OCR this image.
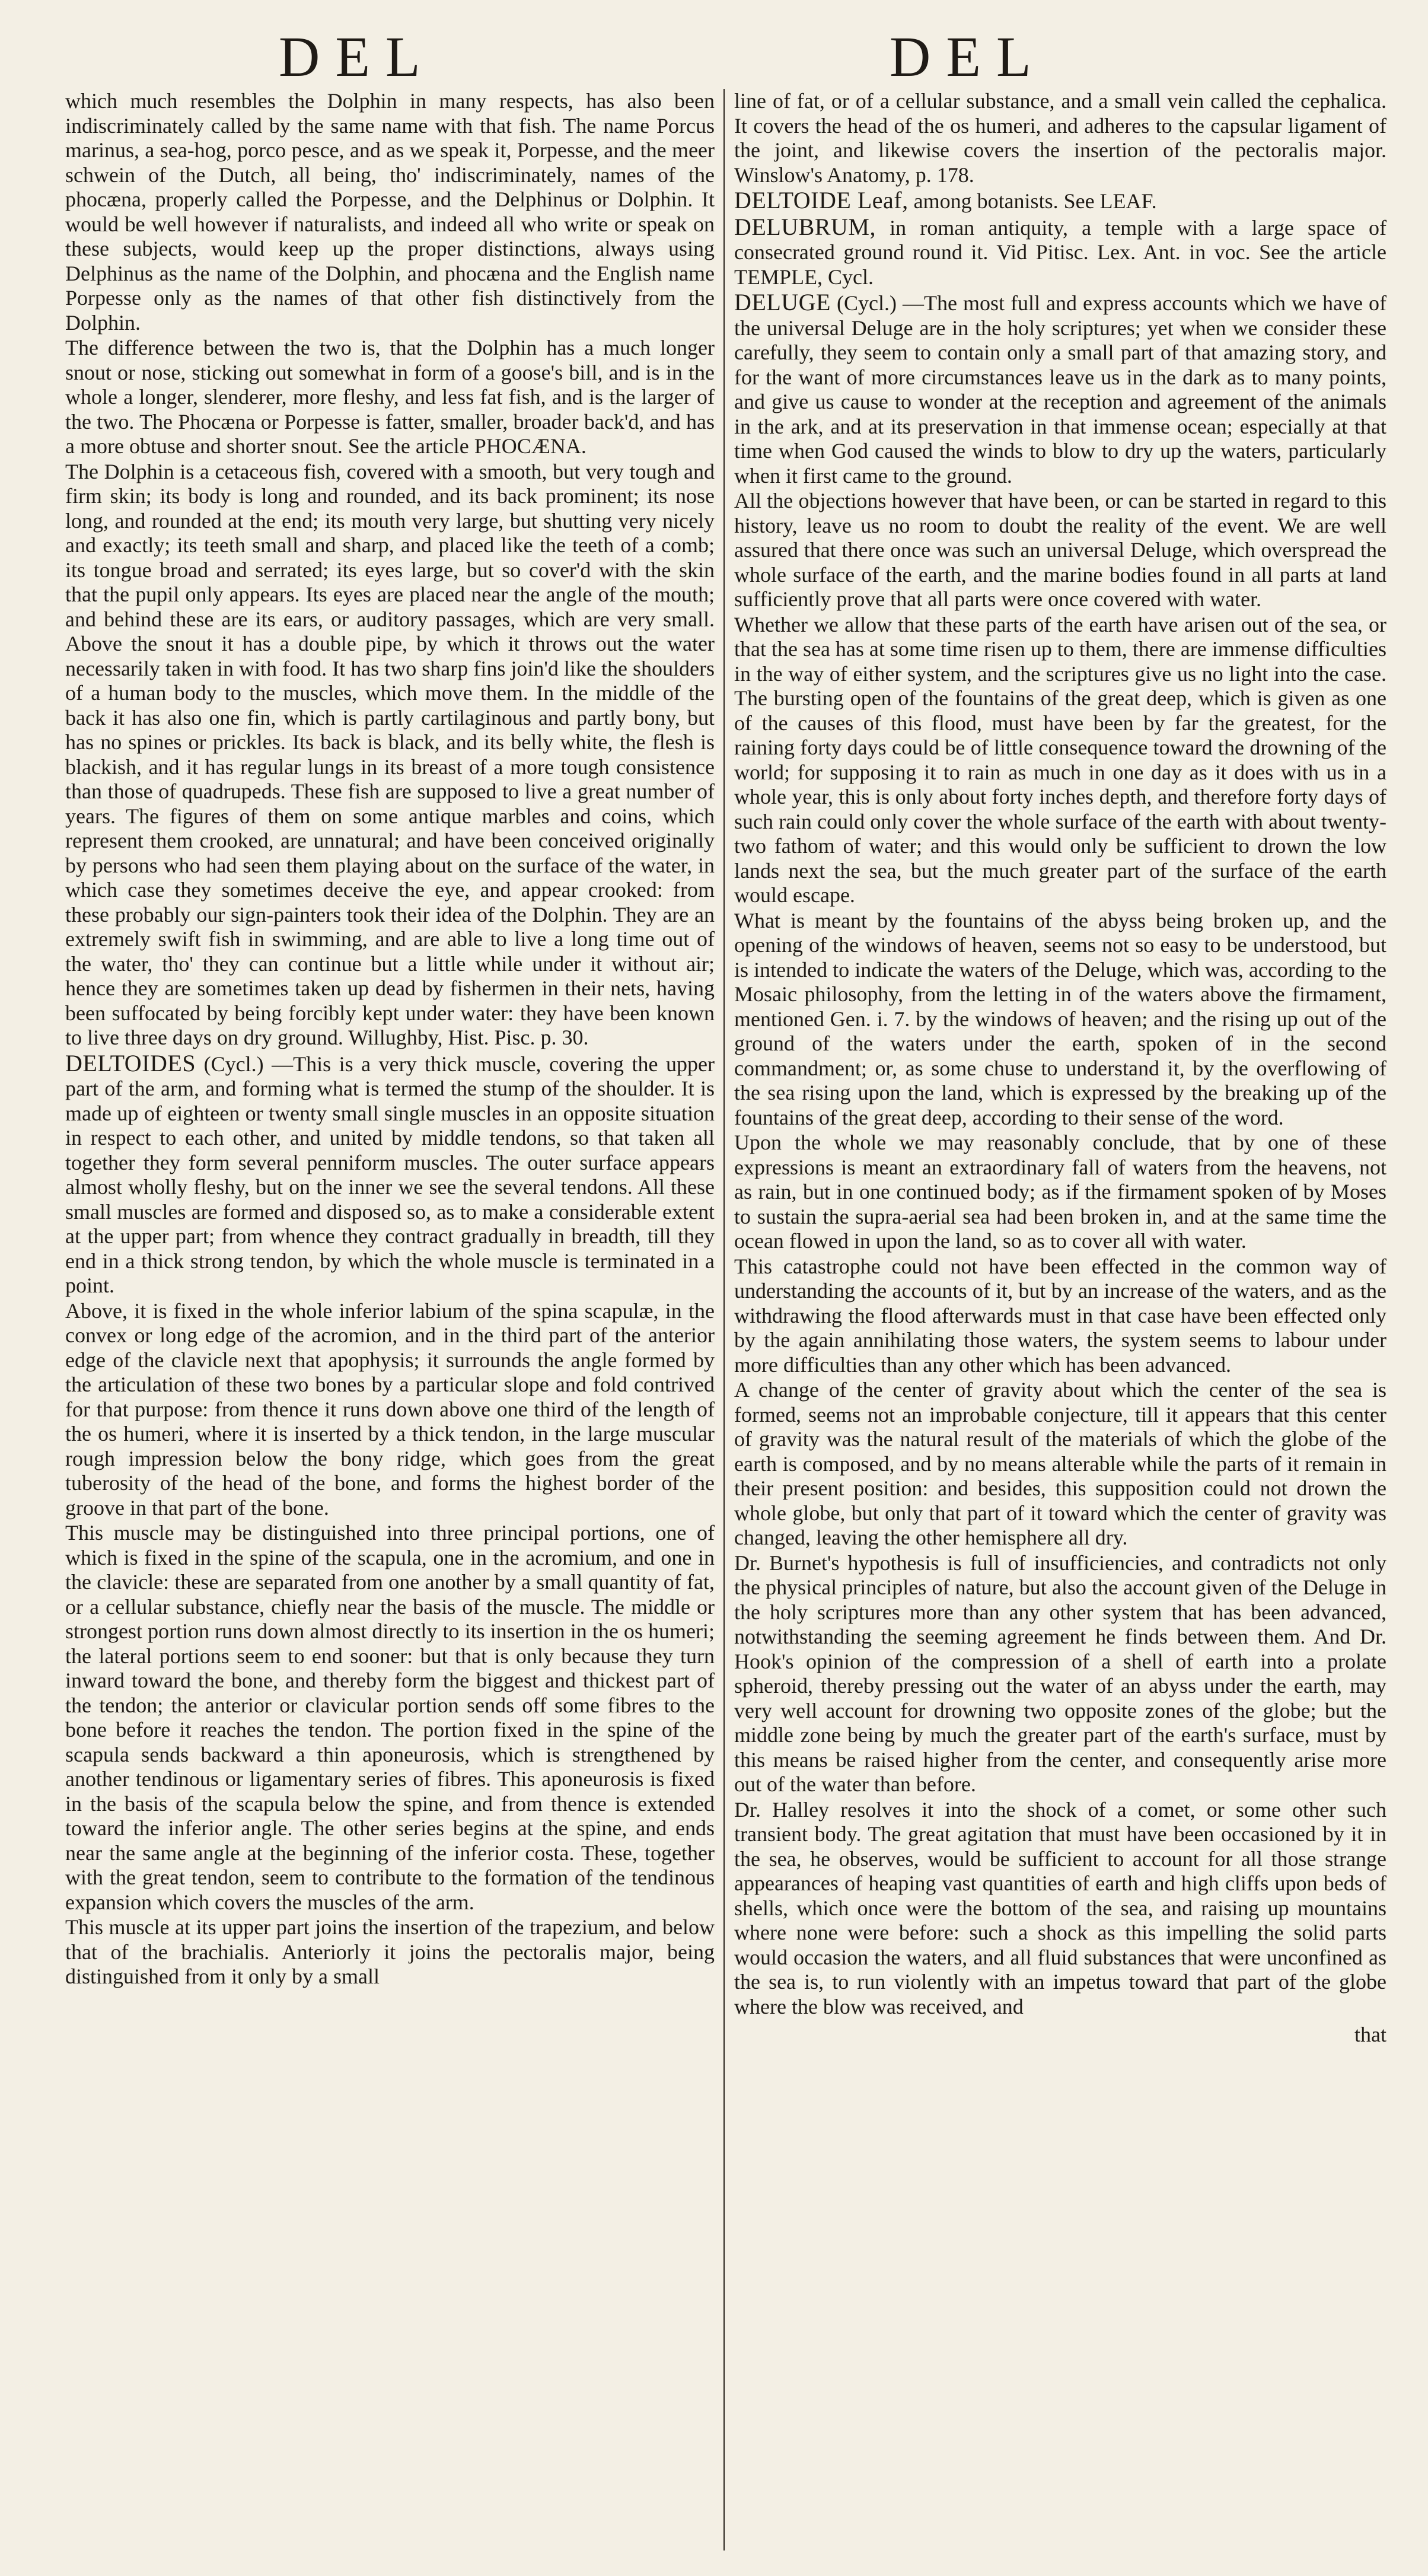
DEL	DEL

which much resembles the Dolphin in many respects, has also been indiscriminately called by the same name with that fish. The name Porcus marinus, a sea-hog, porco pesce, and as we speak it, Porpesse, and the meer schwein of the Dutch, all being, tho' indiscriminately, names of the phocæna, properly called the Porpesse, and the Delphinus or Dolphin. It would be well however if naturalists, and indeed all who write or speak on these subjects, would keep up the proper distinctions, always using Delphinus as the name of the Dolphin, and phocæna and the English name Porpesse only as the names of that other fish distinctively from the Dolphin.

The difference between the two is, that the Dolphin has a much longer snout or nose, sticking out somewhat in form of a goose's bill, and is in the whole a longer, slenderer, more fleshy, and less fat fish, and is the larger of the two. The Phocæna or Porpesse is fatter, smaller, broader back'd, and has a more obtuse and shorter snout. See the article PHOCÆNA.

The Dolphin is a cetaceous fish, covered with a smooth, but very tough and firm skin; its body is long and rounded, and its back prominent; its nose long, and rounded at the end; its mouth very large, but shutting very nicely and exactly; its teeth small and sharp, and placed like the teeth of a comb; its tongue broad and serrated; its eyes large, but so cover'd with the skin that the pupil only appears. Its eyes are placed near the angle of the mouth; and behind these are its ears, or auditory passages, which are very small. Above the snout it has a double pipe, by which it throws out the water necessarily taken in with food. It has two sharp fins join'd like the shoulders of a human body to the muscles, which move them. In the middle of the back it has also one fin, which is partly cartilaginous and partly bony, but has no spines or prickles. Its back is black, and its belly white, the flesh is blackish, and it has regular lungs in its breast of a more tough consistence than those of quadrupeds. These fish are supposed to live a great number of years. The figures of them on some antique marbles and coins, which represent them crooked, are unnatural; and have been conceived originally by persons who had seen them playing about on the surface of the water, in which case they sometimes deceive the eye, and appear crooked: from these probably our sign-painters took their idea of the Dolphin. They are an extremely swift fish in swimming, and are able to live a long time out of the water, tho' they can continue but a little while under it without air; hence they are sometimes taken up dead by fishermen in their nets, having been suffocated by being forcibly kept under water: they have been known to live three days on dry ground. Willughby, Hist. Pisc. p. 30.

DELTOIDES (Cycl.) —This is a very thick muscle, covering the upper part of the arm, and forming what is termed the stump of the shoulder. It is made up of eighteen or twenty small single muscles in an opposite situation in respect to each other, and united by middle tendons, so that taken all together they form several penniform muscles. The outer surface appears almost wholly fleshy, but on the inner we see the several tendons. All these small muscles are formed and disposed so, as to make a considerable extent at the upper part; from whence they contract gradually in breadth, till they end in a thick strong tendon, by which the whole muscle is terminated in a point.

Above, it is fixed in the whole inferior labium of the spina scapulæ, in the convex or long edge of the acromion, and in the third part of the anterior edge of the clavicle next that apophysis; it surrounds the angle formed by the articulation of these two bones by a particular slope and fold contrived for that purpose: from thence it runs down above one third of the length of the os humeri, where it is inserted by a thick tendon, in the large muscular rough impression below the bony ridge, which goes from the great tuberosity of the head of the bone, and forms the highest border of the groove in that part of the bone.

This muscle may be distinguished into three principal portions, one of which is fixed in the spine of the scapula, one in the acromium, and one in the clavicle: these are separated from one another by a small quantity of fat, or a cellular substance, chiefly near the basis of the muscle. The middle or strongest portion runs down almost directly to its insertion in the os humeri; the lateral portions seem to end sooner: but that is only because they turn inward toward the bone, and thereby form the biggest and thickest part of the tendon; the anterior or clavicular portion sends off some fibres to the bone before it reaches the tendon. The portion fixed in the spine of the scapula sends backward a thin aponeurosis, which is strengthened by another tendinous or ligamentary series of fibres. This aponeurosis is fixed in the basis of the scapula below the spine, and from thence is extended toward the inferior angle. The other series begins at the spine, and ends near the same angle at the beginning of the inferior costa. These, together with the great tendon, seem to contribute to the formation of the tendinous expansion which covers the muscles of the arm.

This muscle at its upper part joins the insertion of the trapezium, and below that of the brachialis. Anteriorly it joins the pectoralis major, being distinguished from it only by a small

line of fat, or of a cellular substance, and a small vein called the cephalica. It covers the head of the os humeri, and adheres to the capsular ligament of the joint, and likewise covers the insertion of the pectoralis major. Winslow's Anatomy, p. 178.

DELTOIDE Leaf, among botanists. See LEAF.

DELUBRUM, in roman antiquity, a temple with a large space of consecrated ground round it. Vid Pitisc. Lex. Ant. in voc. See the article TEMPLE, Cycl.

DELUGE (Cycl.) —The most full and express accounts which we have of the universal Deluge are in the holy scriptures; yet when we consider these carefully, they seem to contain only a small part of that amazing story, and for the want of more circumstances leave us in the dark as to many points, and give us cause to wonder at the reception and agreement of the animals in the ark, and at its preservation in that immense ocean; especially at that time when God caused the winds to blow to dry up the waters, particularly when it first came to the ground.

All the objections however that have been, or can be started in regard to this history, leave us no room to doubt the reality of the event. We are well assured that there once was such an universal Deluge, which overspread the whole surface of the earth, and the marine bodies found in all parts at land sufficiently prove that all parts were once covered with water.

Whether we allow that these parts of the earth have arisen out of the sea, or that the sea has at some time risen up to them, there are immense difficulties in the way of either system, and the scriptures give us no light into the case. The bursting open of the fountains of the great deep, which is given as one of the causes of this flood, must have been by far the greatest, for the raining forty days could be of little consequence toward the drowning of the world; for supposing it to rain as much in one day as it does with us in a whole year, this is only about forty inches depth, and therefore forty days of such rain could only cover the whole surface of the earth with about twenty-two fathom of water; and this would only be sufficient to drown the low lands next the sea, but the much greater part of the surface of the earth would escape.

What is meant by the fountains of the abyss being broken up, and the opening of the windows of heaven, seems not so easy to be understood, but is intended to indicate the waters of the Deluge, which was, according to the Mosaic philosophy, from the letting in of the waters above the firmament, mentioned Gen. i. 7. by the windows of heaven; and the rising up out of the ground of the waters under the earth, spoken of in the second commandment; or, as some chuse to understand it, by the overflowing of the sea rising upon the land, which is expressed by the breaking up of the fountains of the great deep, according to their sense of the word.

Upon the whole we may reasonably conclude, that by one of these expressions is meant an extraordinary fall of waters from the heavens, not as rain, but in one continued body; as if the firmament spoken of by Moses to sustain the supra-aerial sea had been broken in, and at the same time the ocean flowed in upon the land, so as to cover all with water.

This catastrophe could not have been effected in the common way of understanding the accounts of it, but by an increase of the waters, and as the withdrawing the flood afterwards must in that case have been effected only by the again annihilating those waters, the system seems to labour under more difficulties than any other which has been advanced.

A change of the center of gravity about which the center of the sea is formed, seems not an improbable conjecture, till it appears that this center of gravity was the natural result of the materials of which the globe of the earth is composed, and by no means alterable while the parts of it remain in their present position: and besides, this supposition could not drown the whole globe, but only that part of it toward which the center of gravity was changed, leaving the other hemisphere all dry.

Dr. Burnet's hypothesis is full of insufficiencies, and contradicts not only the physical principles of nature, but also the account given of the Deluge in the holy scriptures more than any other system that has been advanced, notwithstanding the seeming agreement he finds between them. And Dr. Hook's opinion of the compression of a shell of earth into a prolate spheroid, thereby pressing out the water of an abyss under the earth, may very well account for drowning two opposite zones of the globe; but the middle zone being by much the greater part of the earth's surface, must by this means be raised higher from the center, and consequently arise more out of the water than before.

Dr. Halley resolves it into the shock of a comet, or some other such transient body. The great agitation that must have been occasioned by it in the sea, he observes, would be sufficient to account for all those strange appearances of heaping vast quantities of earth and high cliffs upon beds of shells, which once were the bottom of the sea, and raising up mountains where none were before: such a shock as this impelling the solid parts would occasion the waters, and all fluid substances that were unconfined as the sea is, to run violently with an impetus toward that part of the globe where the blow was received, and

that
